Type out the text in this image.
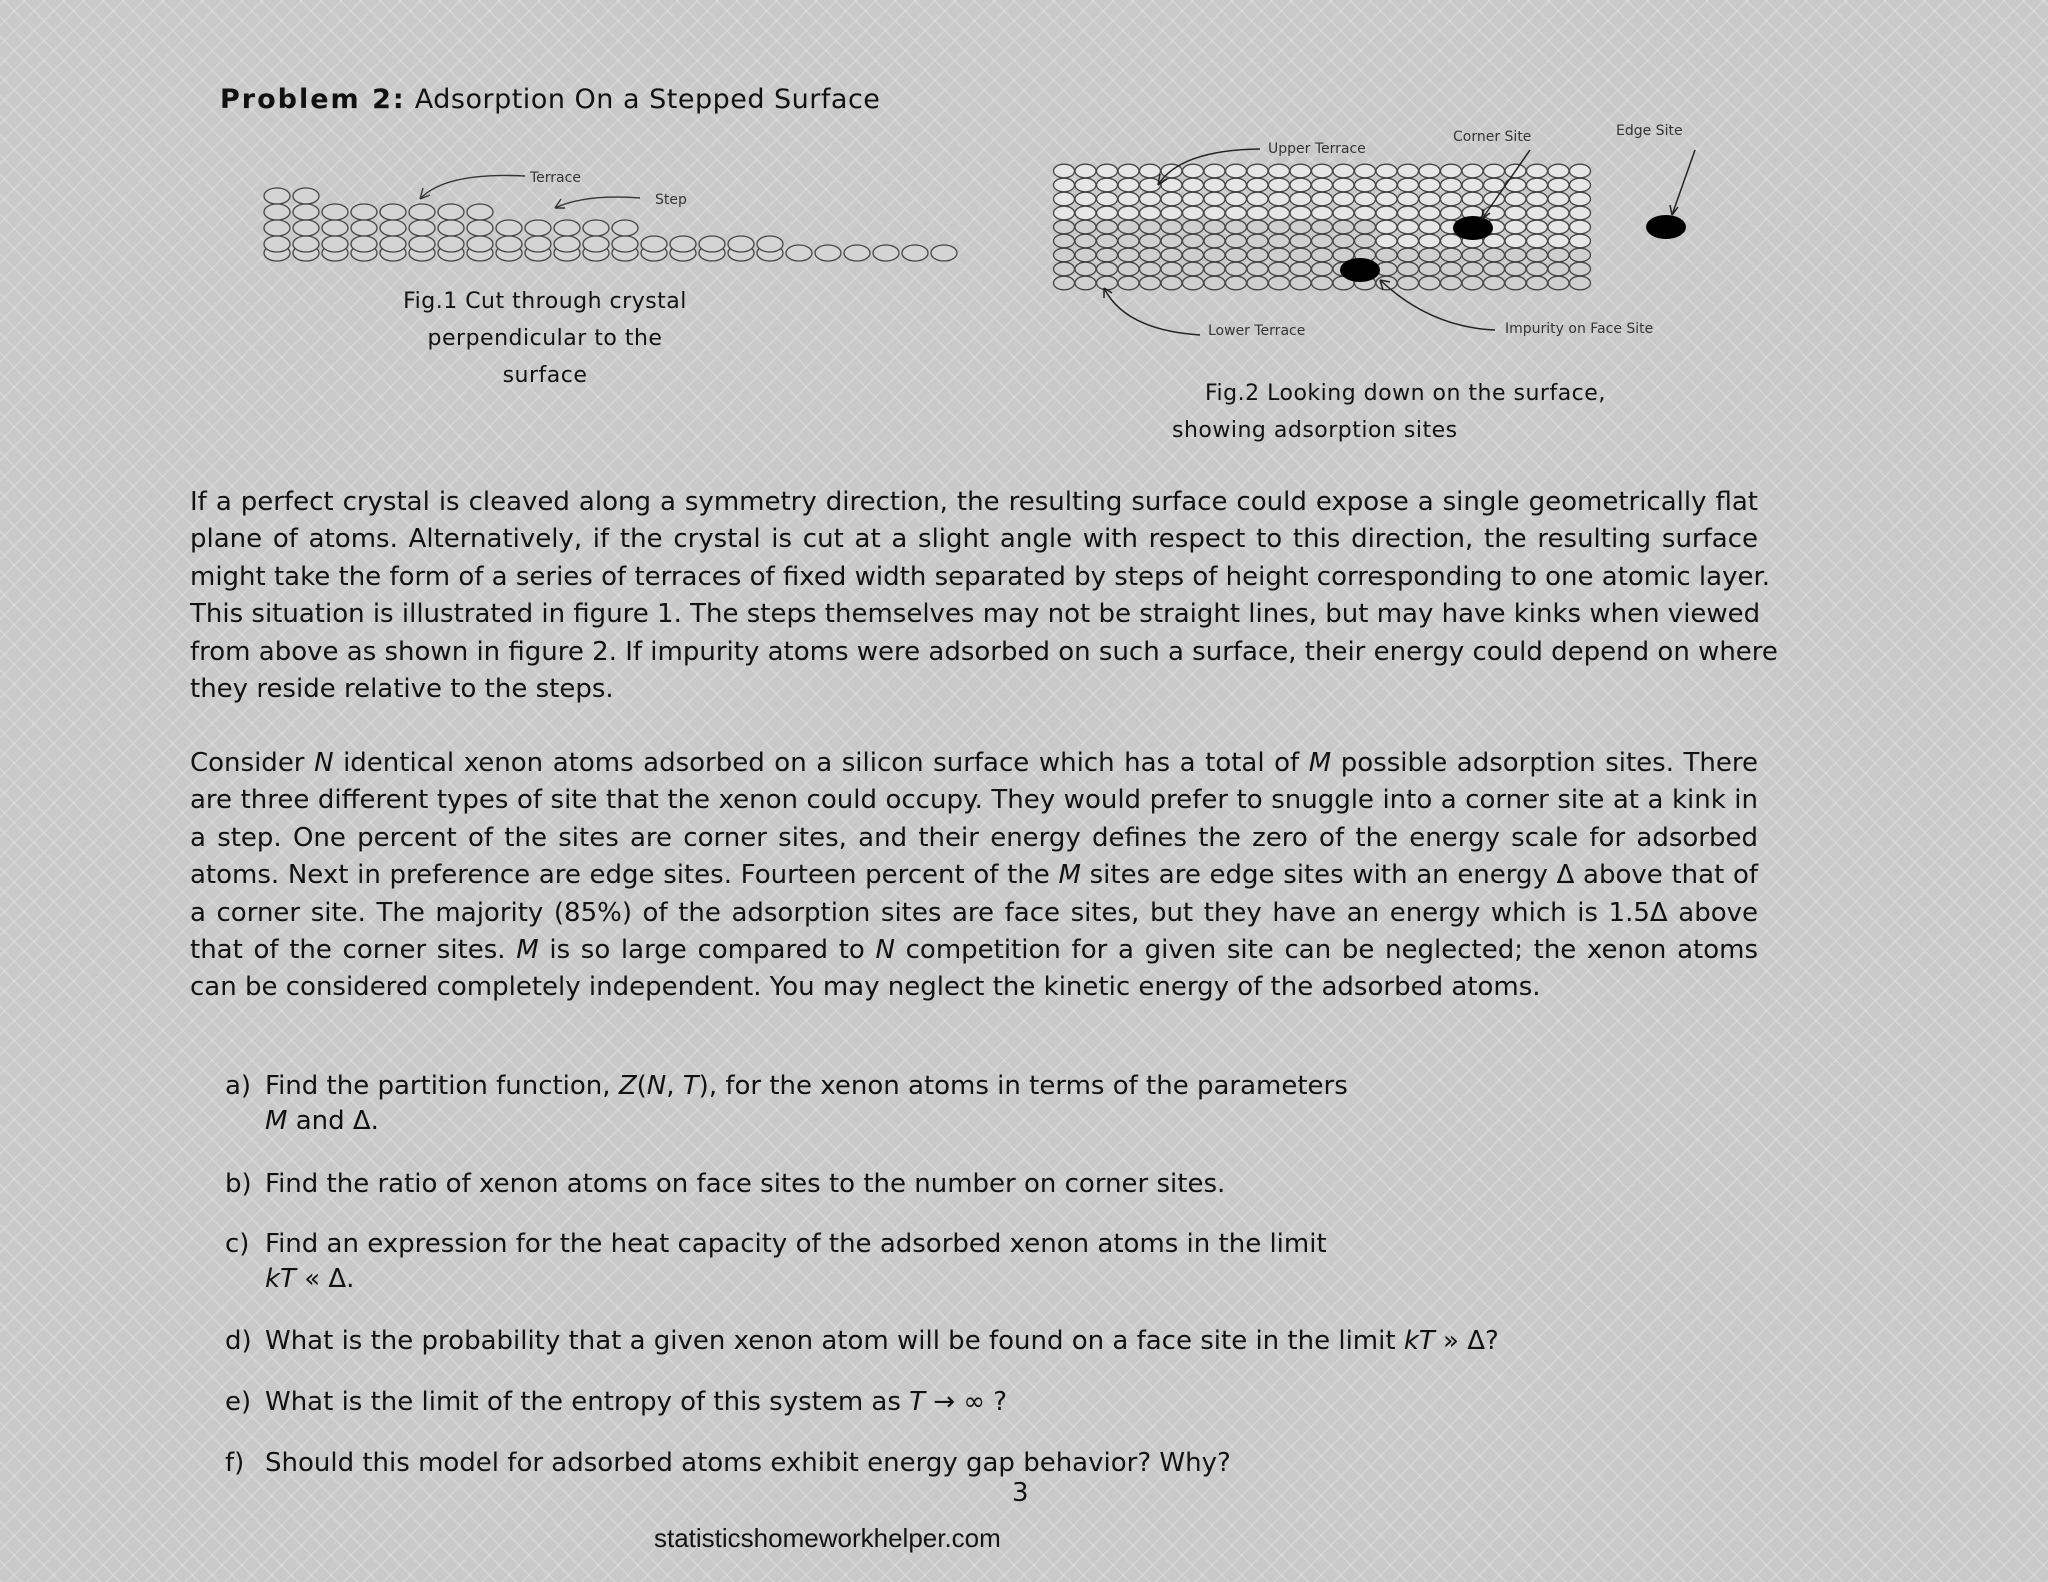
Problem 2: Adsorption On a Stepped Surface
Terrace
Step
Fig.1 Cut through crystal
perpendicular to the surface
Upper Terrace
Corner Site	Edge Site
Lower Terrace	Impurity on Face Site
Fig.2 Looking down on the surface,
showing adsorption sites
If a perfect crystal is cleaved along a symmetry direction, the resulting surface could expose a single geometrically flat
plane of atoms. Alternatively, if the crystal is cut at a slight angle with respect to this direction, the resulting surface
might take the form of a series of terraces of fixed width separated by steps of height corresponding to one atomic layer.
This situation is illustrated in figure 1. The steps themselves may not be straight lines, but may have kinks when viewed
from above as shown in figure 2. If impurity atoms were adsorbed on such a surface, their energy could depend on where
they reside relative to the steps.
Consider N identical xenon atoms adsorbed on a silicon surface which has a total of M possible adsorption sites. There
are three different types of site that the xenon could occupy. They would prefer to snuggle into a corner site at a kink in
a step. One percent of the sites are corner sites, and their energy defines the zero of the energy scale for adsorbed
atoms. Next in preference are edge sites. Fourteen percent of the M sites are edge sites with an energy Δ above that of
a corner site. The majority (85%) of the adsorption sites are face sites, but they have an energy which is 1.5Δ above
that of the corner sites. M is so large compared to N competition for a given site can be neglected; the xenon atoms
can be considered completely independent. You may neglect the kinetic energy of the adsorbed atoms.
a) Find the partition function, Z(N, T), for the xenon atoms in terms of the parameters
M and Δ.
b) Find the ratio of xenon atoms on face sites to the number on corner sites.
c) Find an expression for the heat capacity of the adsorbed xenon atoms in the limit
kT « Δ.
d) What is the probability that a given xenon atom will be found on a face site in the limit kT » Δ?
e) What is the limit of the entropy of this system as T → ∞ ?
f) Should this model for adsorbed atoms exhibit energy gap behavior? Why?
3
statisticshomeworkhelper.com
